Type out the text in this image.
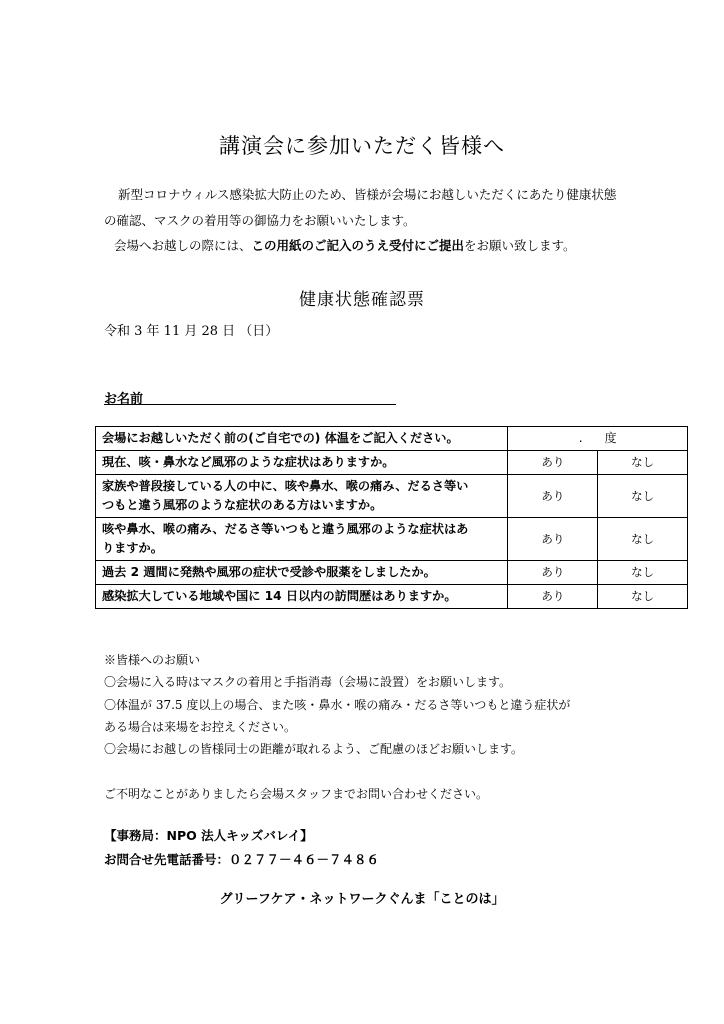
講演会に参加いただく皆様へ
新型コロナウィルス感染拡大防止のため、皆様が会場にお越しいただくにあたり健康状態
の確認、マスクの着用等の御協力をお願いいたします。
会場へお越しの際には、この用紙のご記入のうえ受付にご提出をお願い致します。
健康状態確認票
令和 3 年 11 月 28 日 （日）
お名前
会場にお越しいただく前の(ご自宅での) 体温をご記入ください。	. 度	
現在、咳・鼻水など風邪のような症状はありますか。	あり	なし

家族や普段接している人の中に、咳や鼻水、喉の痛み、だるさ等い
つもと違う風邪のような症状のある方はいますか。	あり	なし

咳や鼻水、喉の痛み、だるさ等いつもと違う風邪のような症状はあ
りますか。	あり	なし
過去 2 週間に発熱や風邪の症状で受診や服薬をしましたか。	あり	なし
感染拡大している地域や国に 14 日以内の訪問歴はありますか。	あり	なし
※皆様へのお願い
〇会場に入る時はマスクの着用と手指消毒（会場に設置）をお願いします。
〇体温が 37.5 度以上の場合、また咳・鼻水・喉の痛み・だるさ等いつもと違う症状が
ある場合は来場をお控えください。
〇会場にお越しの皆様同士の距離が取れるよう、ご配慮のほどお願いします。
ご不明なことがありましたら会場スタッフまでお問い合わせください。
【事務局：NPO 法人キッズバレイ】
お問合せ先電話番号：０２７７－４６－７４８６
グリーフケア・ネットワークぐんま「ことのは」
